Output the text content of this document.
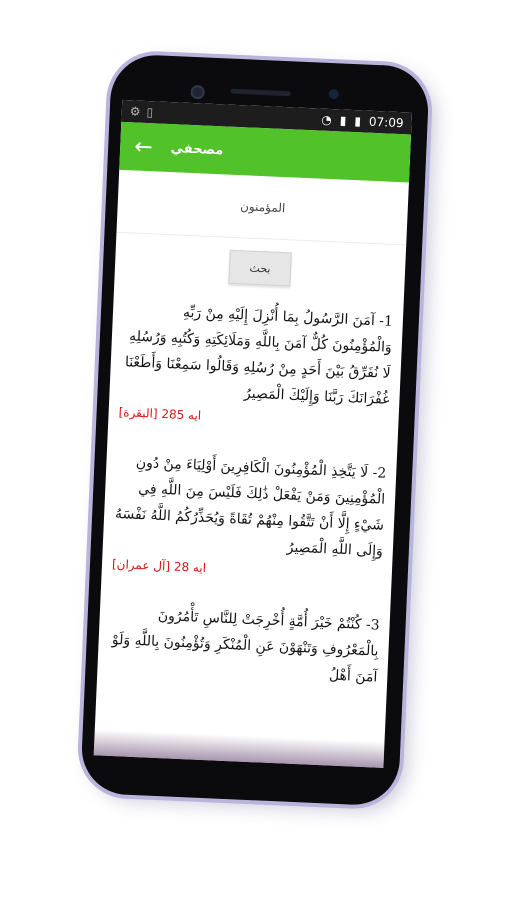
⚙ ▯
◔ ▮ ▮ 07:09
← مصحفي
المؤمنون
بحث
1- آمَنَ الرَّسُولُ بِمَا أُنْزِلَ إِلَيْهِ مِنْ رَبِّهِ وَالْمُؤْمِنُونَ كُلٌّ آمَنَ بِاللَّهِ وَمَلَائِكَتِهِ وَكُتُبِهِ وَرُسُلِهِ لَا نُفَرِّقُ بَيْنَ أَحَدٍ مِنْ رُسُلِهِ وَقَالُوا سَمِعْنَا وَأَطَعْنَا غُفْرَانَكَ رَبَّنَا وَإِلَيْكَ الْمَصِيرُ
[البقرة] ايه 285
2- لَا يَتَّخِذِ الْمُؤْمِنُونَ الْكَافِرِينَ أَوْلِيَاءَ مِنْ دُونِ الْمُؤْمِنِينَ وَمَنْ يَفْعَلْ ذَٰلِكَ فَلَيْسَ مِنَ اللَّهِ فِي شَيْءٍ إِلَّا أَنْ تَتَّقُوا مِنْهُمْ تُقَاةً وَيُحَذِّرُكُمُ اللَّهُ نَفْسَهُ وَإِلَى اللَّهِ الْمَصِيرُ
[آل عمران] ايه 28
3- كُنْتُمْ خَيْرَ أُمَّةٍ أُخْرِجَتْ لِلنَّاسِ تَأْمُرُونَ بِالْمَعْرُوفِ وَتَنْهَوْنَ عَنِ الْمُنْكَرِ وَتُؤْمِنُونَ بِاللَّهِ وَلَوْ آمَنَ أَهْلُ
